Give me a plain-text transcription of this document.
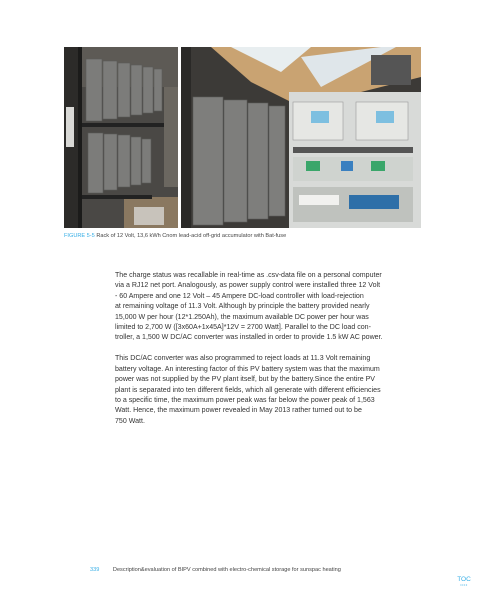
FIGURE 5-5 Rack of 12 Volt, 13,6 kWh Cnom lead-acid off-grid accumulator with Bat-fuse
The charge status was recallable in real-time as .csv-data file on a personal computer
via a RJ12 net port. Analogously, as power supply control were installed three 12 Volt
- 60 Ampere and one 12 Volt – 45 Ampere DC-load controller with load-rejection
at remaining voltage of 11.3 Volt. Although by principle the battery provided nearly
15,000 W per hour (12*1.250Ah), the maximum available DC power per hour was
limited to 2,700 W ([3x60A+1x45A]*12V = 2700 Watt]. Parallel to the DC load con-
troller, a 1,500 W DC/AC converter was installed in order to provide 1.5 kW AC power.
This DC/AC converter was also programmed to reject loads at 11.3 Volt remaining
battery voltage. An interesting factor of this PV battery system was that the maximum
power was not supplied by the PV plant itself, but by the battery.Since the entire PV
plant is separated into ten different fields, which all generate with different efficiencies
to a specific time, the maximum power peak was far below the power peak of 1,563
Watt. Hence, the maximum power revealed in May 2013 rather turned out to be
750 Watt.
339 Description&evaluation of BIPV combined with electro-chemical storage for sunspac heating
TOC
••••
